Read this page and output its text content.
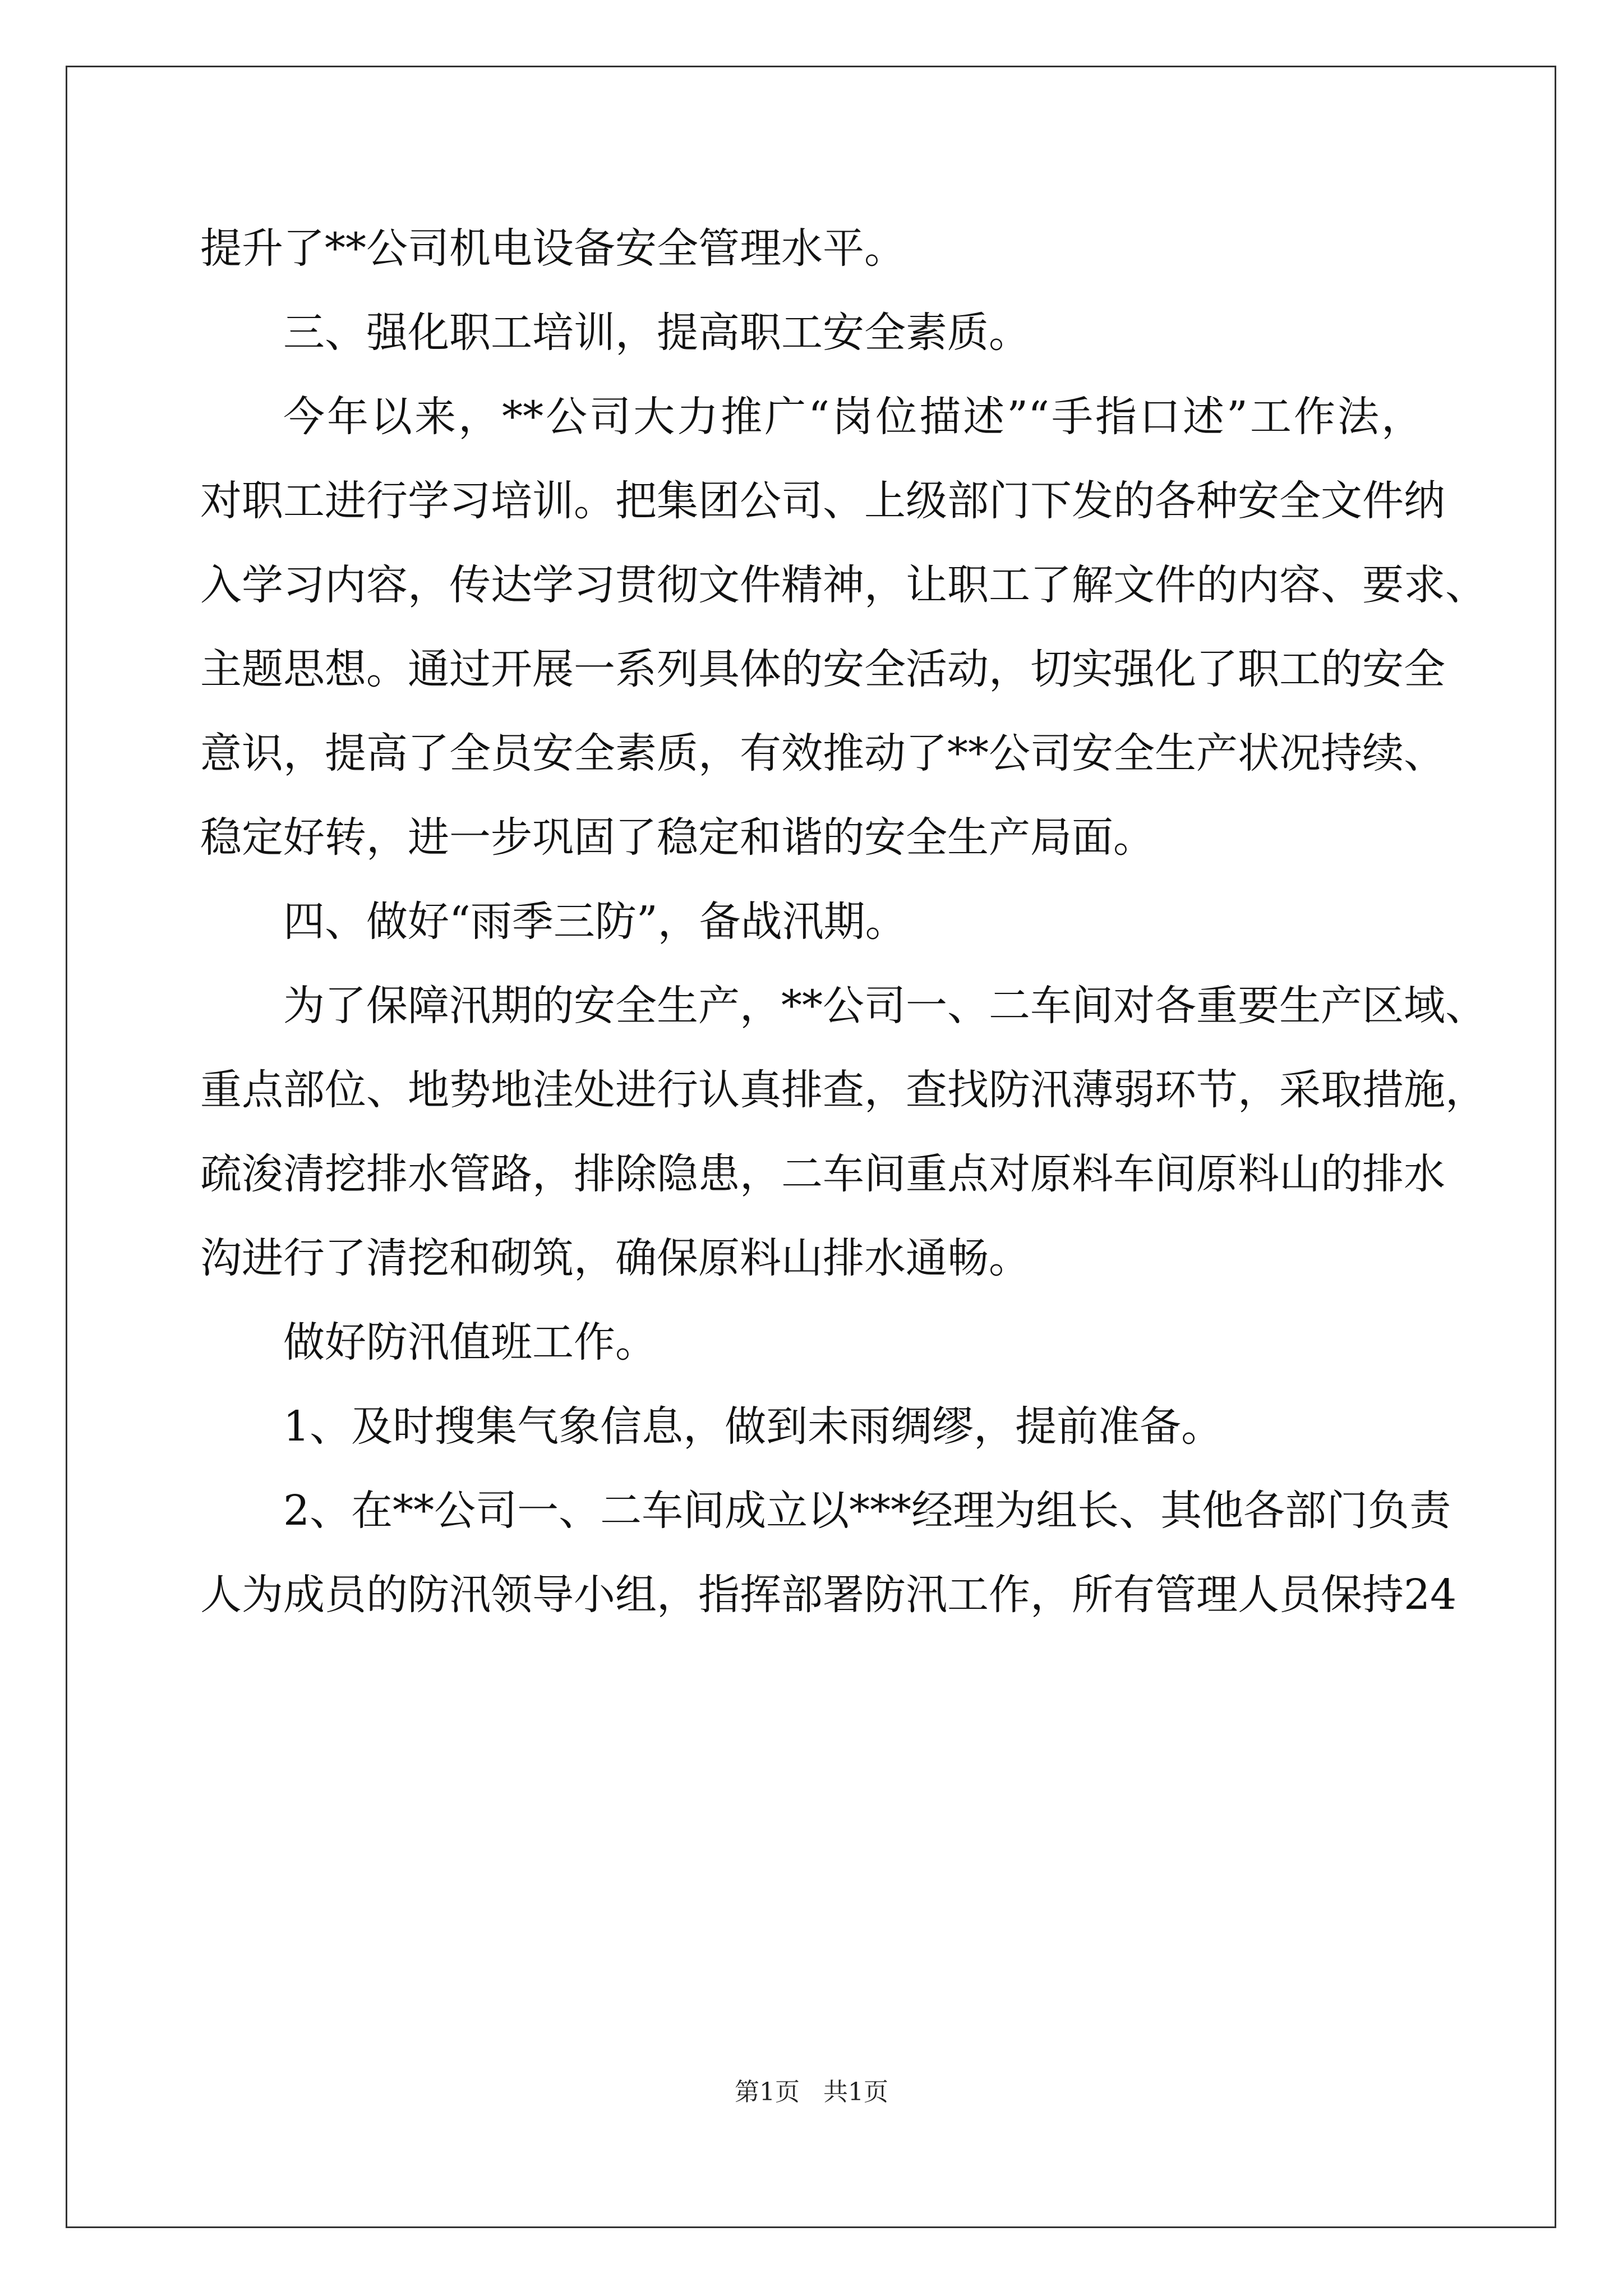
提升了**公司机电设备安全管理水平。
三、强化职工培训，提高职工安全素质。
今年以来，**公司大力推广“岗位描述”“手指口述”工作法，
对职工进行学习培训。把集团公司、上级部门下发的各种安全文件纳
入学习内容，传达学习贯彻文件精神，让职工了解文件的内容、要求、
主题思想。通过开展一系列具体的安全活动，切实强化了职工的安全
意识，提高了全员安全素质，有效推动了**公司安全生产状况持续、
稳定好转，进一步巩固了稳定和谐的安全生产局面。
四、做好“雨季三防”，备战汛期。
为了保障汛期的安全生产，**公司一、二车间对各重要生产区域、
重点部位、地势地洼处进行认真排查，查找防汛薄弱环节，采取措施，
疏浚清挖排水管路，排除隐患，二车间重点对原料车间原料山的排水
沟进行了清挖和砌筑，确保原料山排水通畅。
做好防汛值班工作。
1、及时搜集气象信息，做到未雨绸缪，提前准备。
2、在**公司一、二车间成立以***经理为组长、其他各部门负责
人为成员的防汛领导小组，指挥部署防汛工作，所有管理人员保持24
第1页   共1页
